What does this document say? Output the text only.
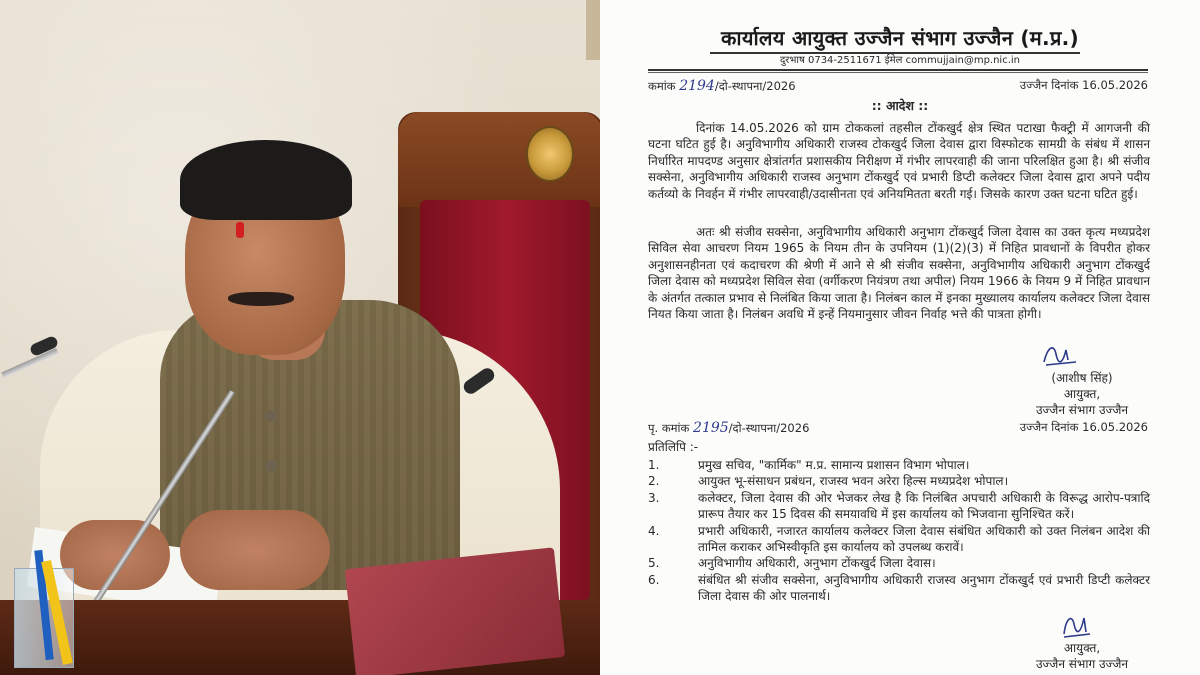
कार्यालय आयुक्त उज्जैन संभाग उज्जैन (म.प्र.)
दुरभाष 0734-2511671 ईमेल commujjain@mp.nic.in
कमांक 2194/दो-स्थापना/2026	उज्जैन दिनांक 16.05.2026
:: आदेश ::
दिनांक 14.05.2026 को ग्राम टोककलां तहसील टोंकखुर्द क्षेत्र स्थित पटाखा फैक्ट्री में आगजनी की घटना घटित हुई है। अनुविभागीय अधिकारी राजस्व टोकखुर्द जिला देवास द्वारा विस्फोटक सामग्री के संबंध में शासन निर्धारित मापदण्ड अनुसार क्षेत्रांतर्गत प्रशासकीय निरीक्षण में गंभीर लापरवाही की जाना परिलक्षित हुआ है। श्री संजीव सक्सेना, अनुविभागीय अधिकारी राजस्व अनुभाग टोंकखुर्द एवं प्रभारी डिप्टी कलेक्टर जिला देवास द्वारा अपने पदीय कर्तव्यो के निवर्हन में गंभीर लापरवाही/उदासीनता एवं अनियमितता बरती गई। जिसके कारण उक्त घटना घटित हुई।
अतः श्री संजीव सक्सेना, अनुविभागीय अधिकारी अनुभाग टोंकखुर्द जिला देवास का उक्त कृत्य मध्यप्रदेश सिविल सेवा आचरण नियम 1965 के नियम तीन के उपनियम (1)(2)(3) में निहित प्रावधानों के विपरीत होकर अनुशासनहीनता एवं कदाचरण की श्रेणी में आने से श्री संजीव सक्सेना, अनुविभागीय अधिकारी अनुभाग टोंकखुर्द जिला देवास को मध्यप्रदेश सिविल सेवा (वर्गीकरण नियंत्रण तथा अपील) नियम 1966 के नियम 9 में निहित प्रावधान के अंतर्गत तत्काल प्रभाव से निलंबित किया जाता है। निलंबन काल में इनका मुख्यालय कार्यालय कलेक्टर जिला देवास नियत किया जाता है। निलंबन अवधि में इन्हें नियमानुसार जीवन निर्वाह भत्ते की पात्रता होगी।
(आशीष सिंह)
आयुक्त,
उज्जैन संभाग उज्जैन
पृ. कमांक 2195/दो-स्थापना/2026	उज्जैन दिनांक 16.05.2026
प्रतिलिपि :-
1.	प्रमुख सचिव, "कार्मिक" म.प्र. सामान्य प्रशासन विभाग भोपाल।
2.	आयुक्त भू-संसाधन प्रबंधन, राजस्व भवन अरेरा हिल्स मध्यप्रदेश भोपाल।
3.	कलेक्टर, जिला देवास की ओर भेजकर लेख है कि निलंबित अपचारी अधिकारी के विरूद्ध आरोप-पत्रादि प्रारूप तैयार कर 15 दिवस की समयावधि में इस कार्यालय को भिजवाना सुनिश्चित करें।
4.	प्रभारी अधिकारी, नजारत कार्यालय कलेक्टर जिला देवास संबंधित अधिकारी को उक्त निलंबन आदेश की तामिल कराकर अभिस्वीकृति इस कार्यालय को उपलब्ध करावें।
5.	अनुविभागीय अधिकारी, अनुभाग टोंकखुर्द जिला देवास।
6.	संबंधित श्री संजीव सक्सेना, अनुविभागीय अधिकारी राजस्व अनुभाग टोंकखुर्द एवं प्रभारी डिप्टी कलेक्टर जिला देवास की ओर पालनार्थ।
आयुक्त,
उज्जैन संभाग उज्जैन
